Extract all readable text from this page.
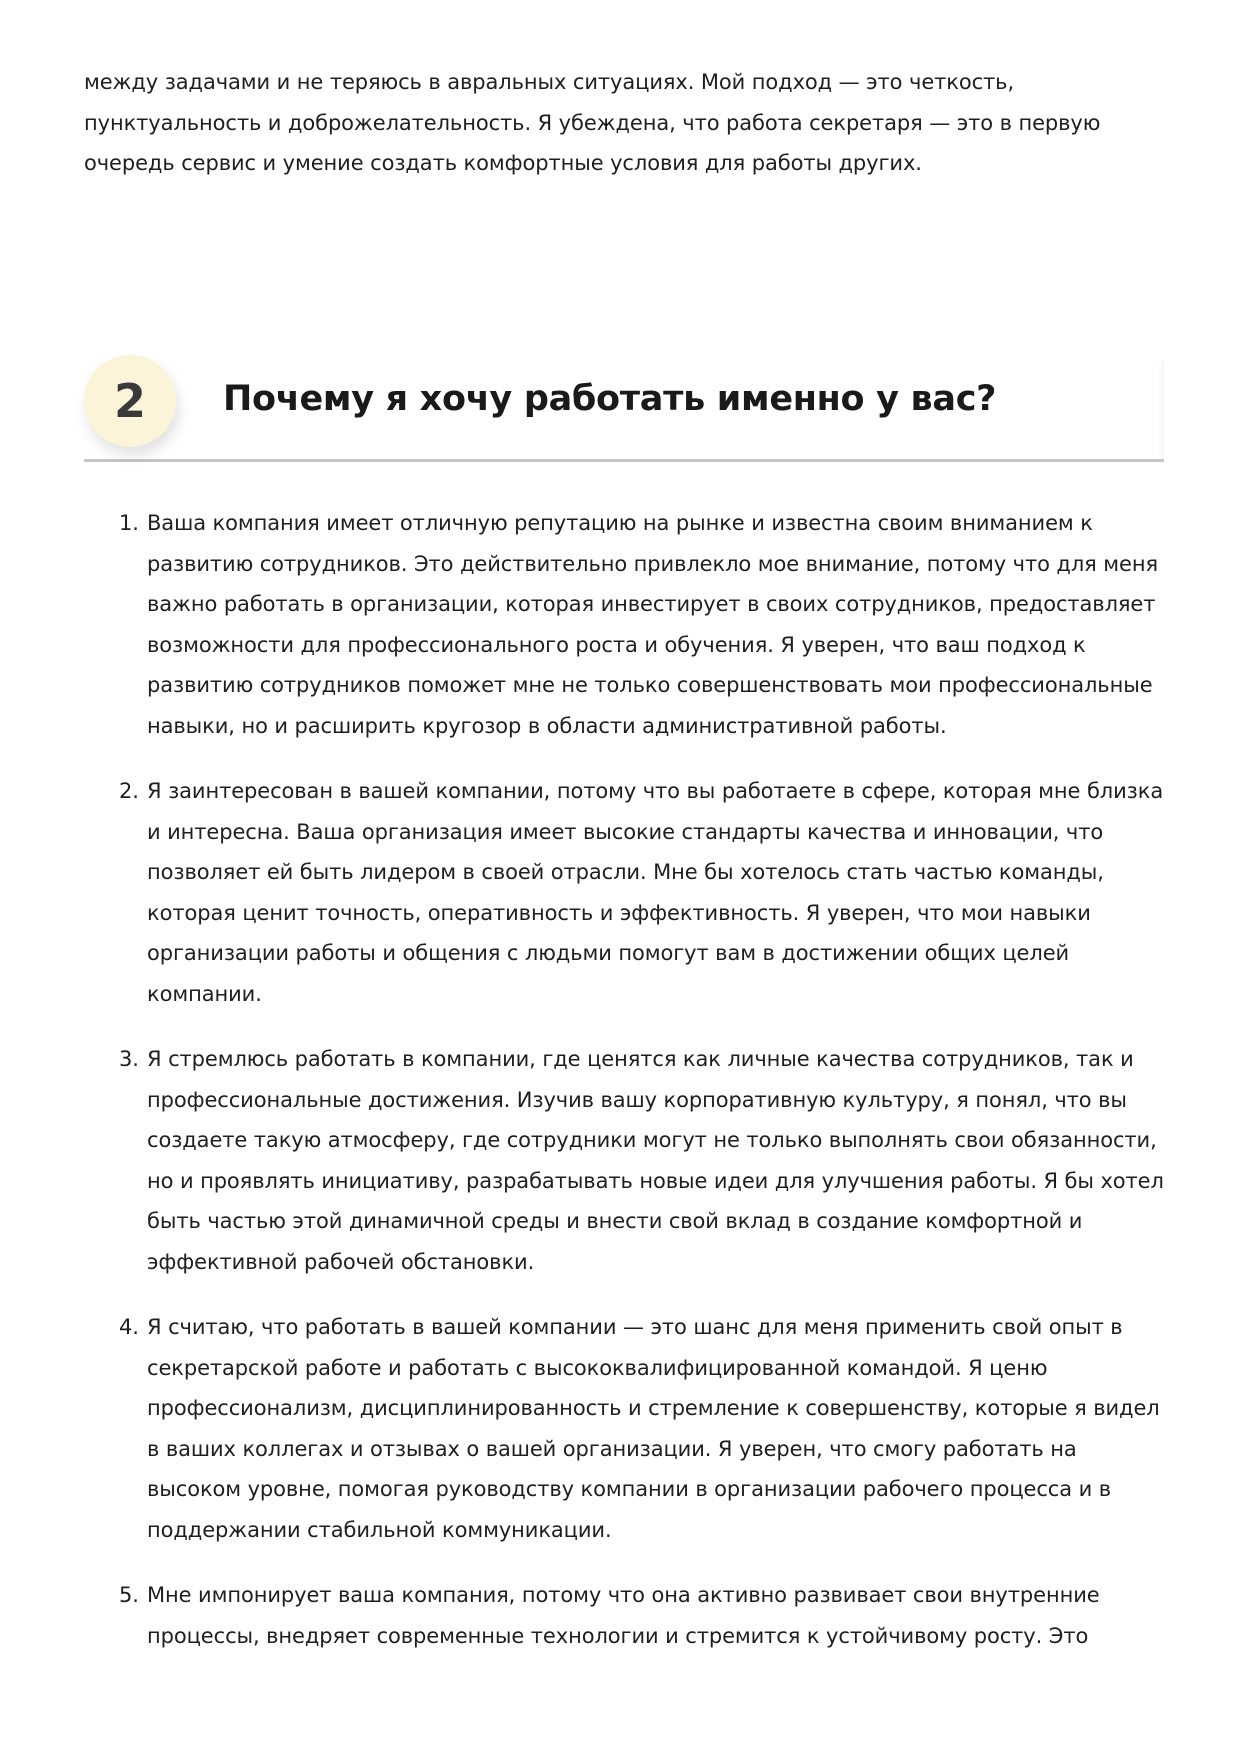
между задачами и не теряюсь в авральных ситуациях. Мой подход — это четкость, пунктуальность и доброжелательность. Я убеждена, что работа секретаря — это в первую очередь сервис и умение создать комфортные условия для работы других.

2 Почему я хочу работать именно у вас?
1. Ваша компания имеет отличную репутацию на рынке и известна своим вниманием к развитию сотрудников. Это действительно привлекло мое внимание, потому что для меня важно работать в организации, которая инвестирует в своих сотрудников, предоставляет возможности для профессионального роста и обучения. Я уверен, что ваш подход к развитию сотрудников поможет мне не только совершенствовать мои профессиональные навыки, но и расширить кругозор в области административной работы.
2. Я заинтересован в вашей компании, потому что вы работаете в сфере, которая мне близка и интересна. Ваша организация имеет высокие стандарты качества и инновации, что позволяет ей быть лидером в своей отрасли. Мне бы хотелось стать частью команды, которая ценит точность, оперативность и эффективность. Я уверен, что мои навыки организации работы и общения с людьми помогут вам в достижении общих целей компании.
3. Я стремлюсь работать в компании, где ценятся как личные качества сотрудников, так и профессиональные достижения. Изучив вашу корпоративную культуру, я понял, что вы создаете такую атмосферу, где сотрудники могут не только выполнять свои обязанности, но и проявлять инициативу, разрабатывать новые идеи для улучшения работы. Я бы хотел быть частью этой динамичной среды и внести свой вклад в создание комфортной и эффективной рабочей обстановки.
4. Я считаю, что работать в вашей компании — это шанс для меня применить свой опыт в секретарской работе и работать с высококвалифицированной командой. Я ценю профессионализм, дисциплинированность и стремление к совершенству, которые я видел в ваших коллегах и отзывах о вашей организации. Я уверен, что смогу работать на высоком уровне, помогая руководству компании в организации рабочего процесса и в поддержании стабильной коммуникации.
5. Мне импонирует ваша компания, потому что она активно развивает свои внутренние процессы, внедряет современные технологии и стремится к устойчивому росту. Это
